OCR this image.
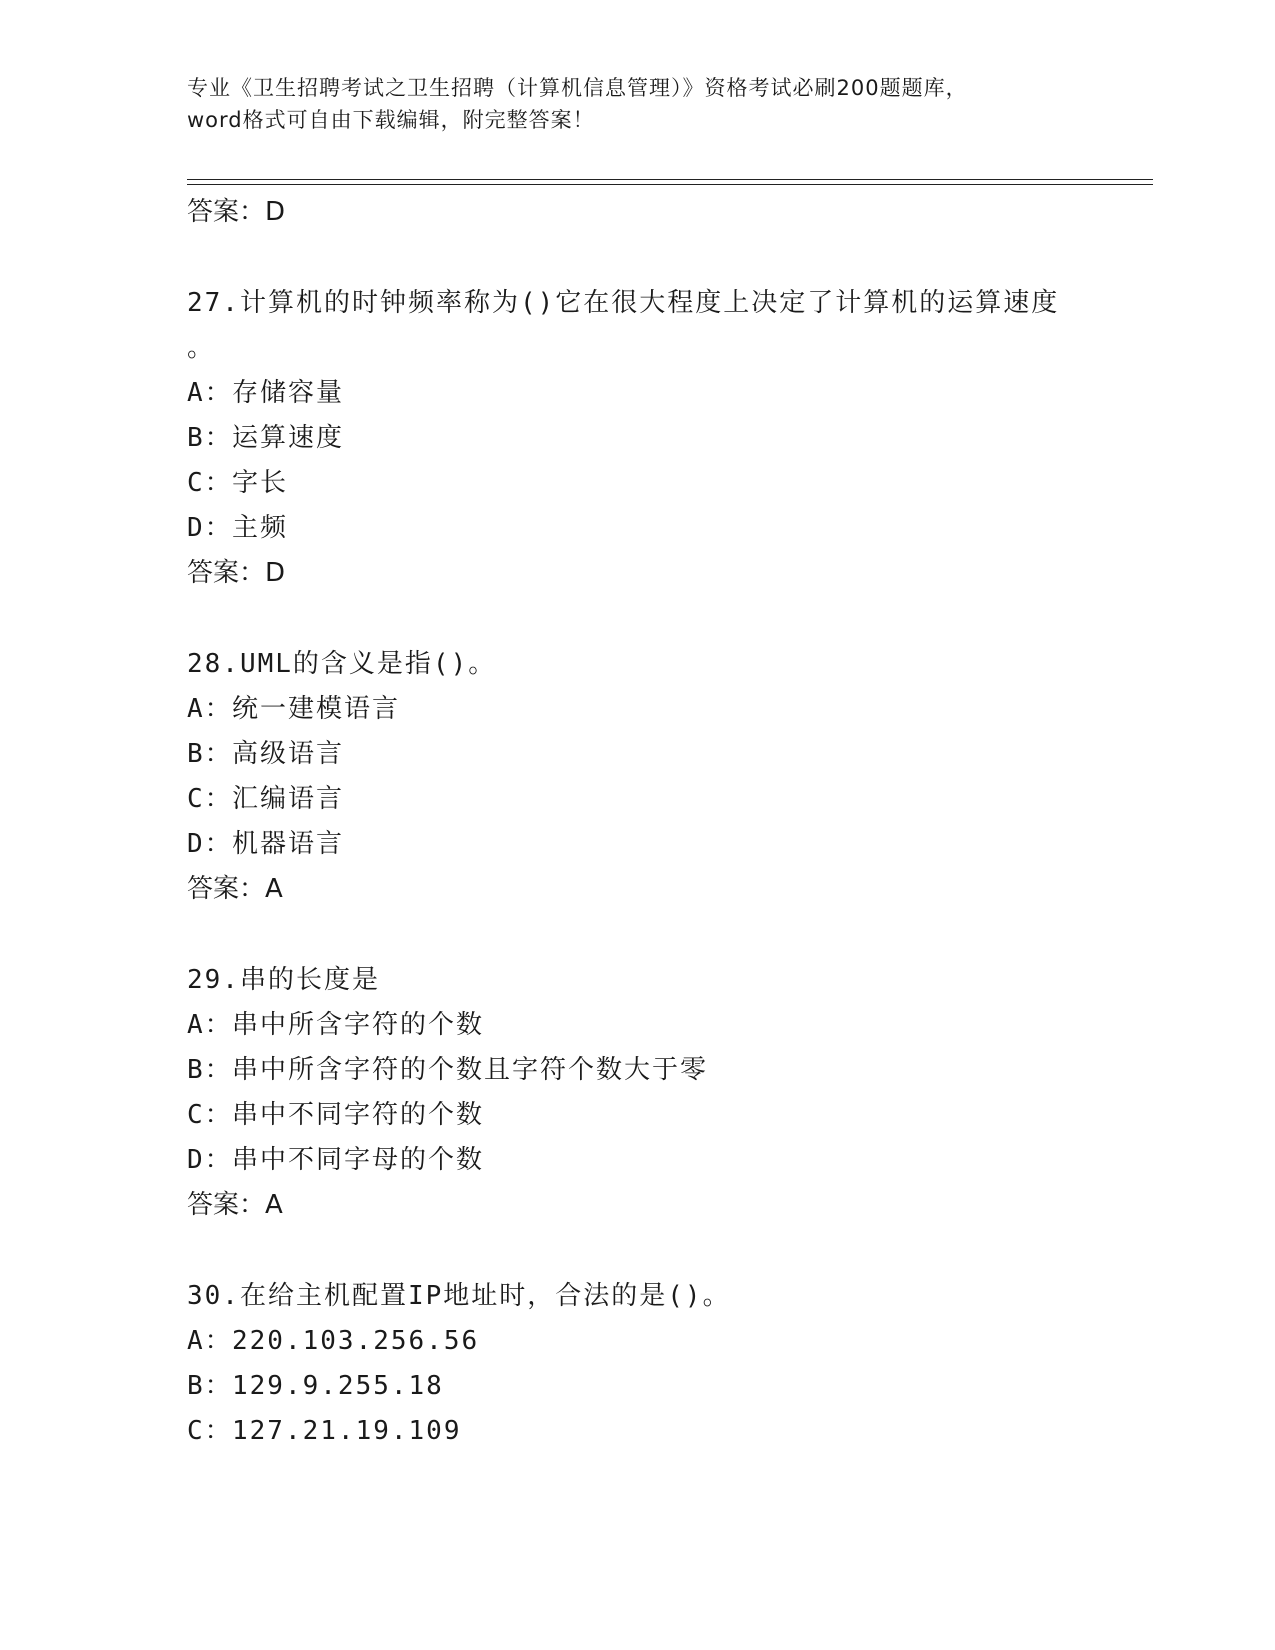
专业《卫生招聘考试之卫生招聘（计算机信息管理）》资格考试必刷200题题库，
word格式可自由下载编辑，附完整答案！
答案：D
27.计算机的时钟频率称为()它在很大程度上决定了计算机的运算速度
。
A：存储容量
B：运算速度
C：字长
D：主频
答案：D
28.UML的含义是指()。
A：统一建模语言
B：高级语言
C：汇编语言
D：机器语言
答案：A
29.串的长度是
A：串中所含字符的个数
B：串中所含字符的个数且字符个数大于零
C：串中不同字符的个数
D：串中不同字母的个数
答案：A
30.在给主机配置IP地址时，合法的是()。
A：220.103.256.56
B：129.9.255.18
C：127.21.19.109
